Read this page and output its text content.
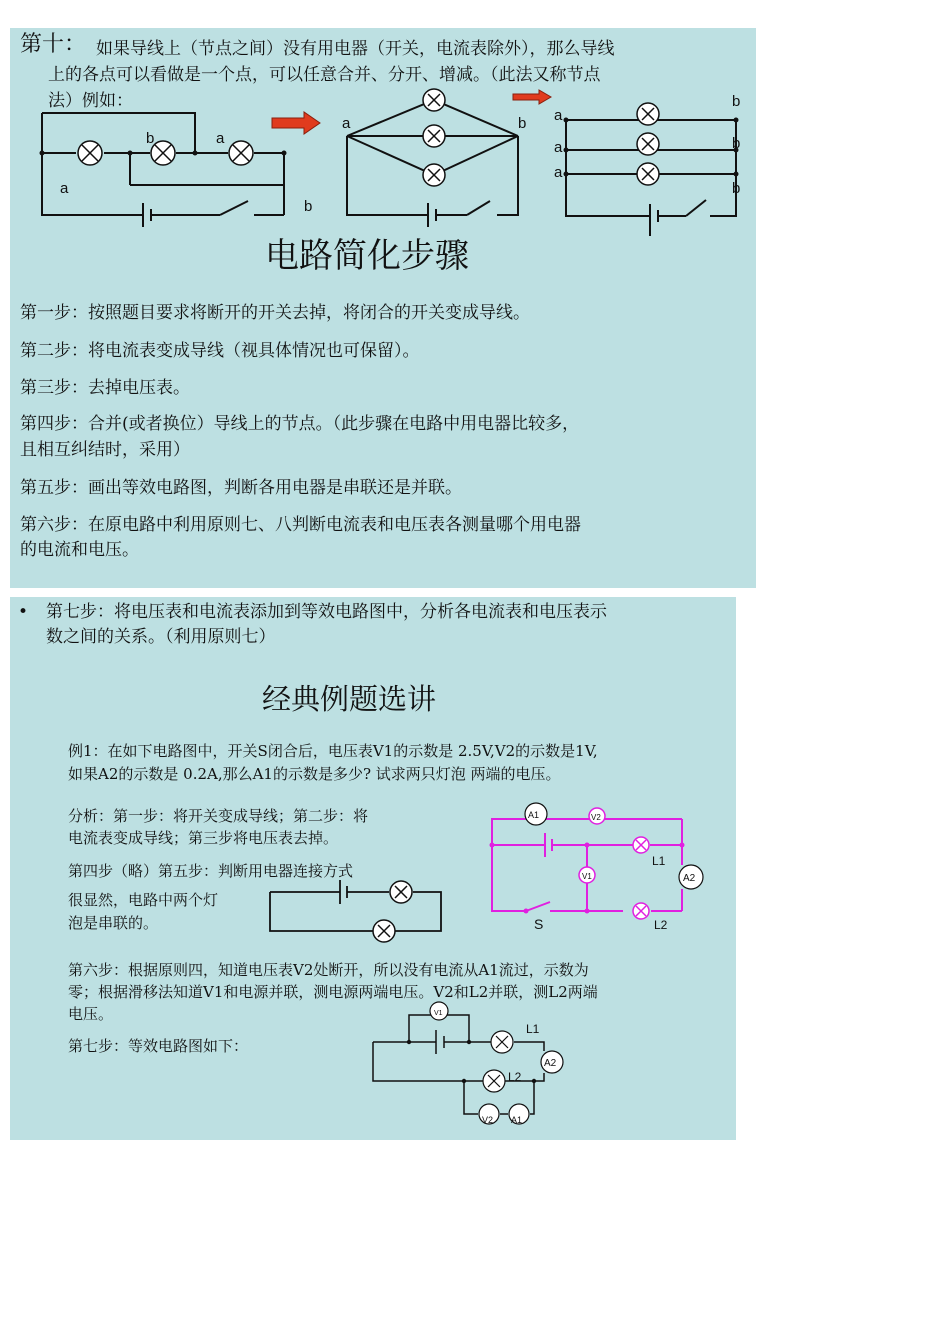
第十： 如果导线上（节点之间）没有用电器（开关，电流表除外），那么导线

上的各点可以看做是一个点，可以任意合并、分开、增减。（此法又称节点

法）例如：

a
b	a
b
a	b a
a
a
b
b
b

电路简化步骤

第一步：按照题目要求将断开的开关去掉，将闭合的开关变成导线。

第二步：将电流表变成导线（视具体情况也可保留）。

第三步：去掉电压表。

第四步：合并(或者换位）导线上的节点。（此步骤在电路中用电器比较多，

且相互纠结时，采用）

第五步：画出等效电路图，判断各用电器是串联还是并联。

第六步：在原电路中利用原则七、八判断电流表和电压表各测量哪个用电器

的电流和电压。

• 第七步：将电压表和电流表添加到等效电路图中，分析各电流表和电压表示

数之间的关系。（利用原则七）

经典例题选讲

例1：在如下电路图中，开关S闭合后，电压表V1的示数是 2.5V,V2的示数是1V,

如果A2的示数是 0.2A,那么A1的示数是多少? 试求两只灯泡 两端的电压。

分析：第一步：将开关变成导线；第二步：将

电流表变成导线；第三步将电压表去掉。

第四步（略）第五步：判断用电器连接方式

很显然，电路中两个灯

泡是串联的。

A1	V2
V1	A2
L1
L2
S

第六步：根据原则四，知道电压表V2处断开，所以没有电流从A1流过，示数为

零；根据滑移法知道V1和电源并联，测电源两端电压。V2和L2并联，测L2两端

电压。

第七步：等效电路图如下：

V1
L1
A2
L2
V2 A1
